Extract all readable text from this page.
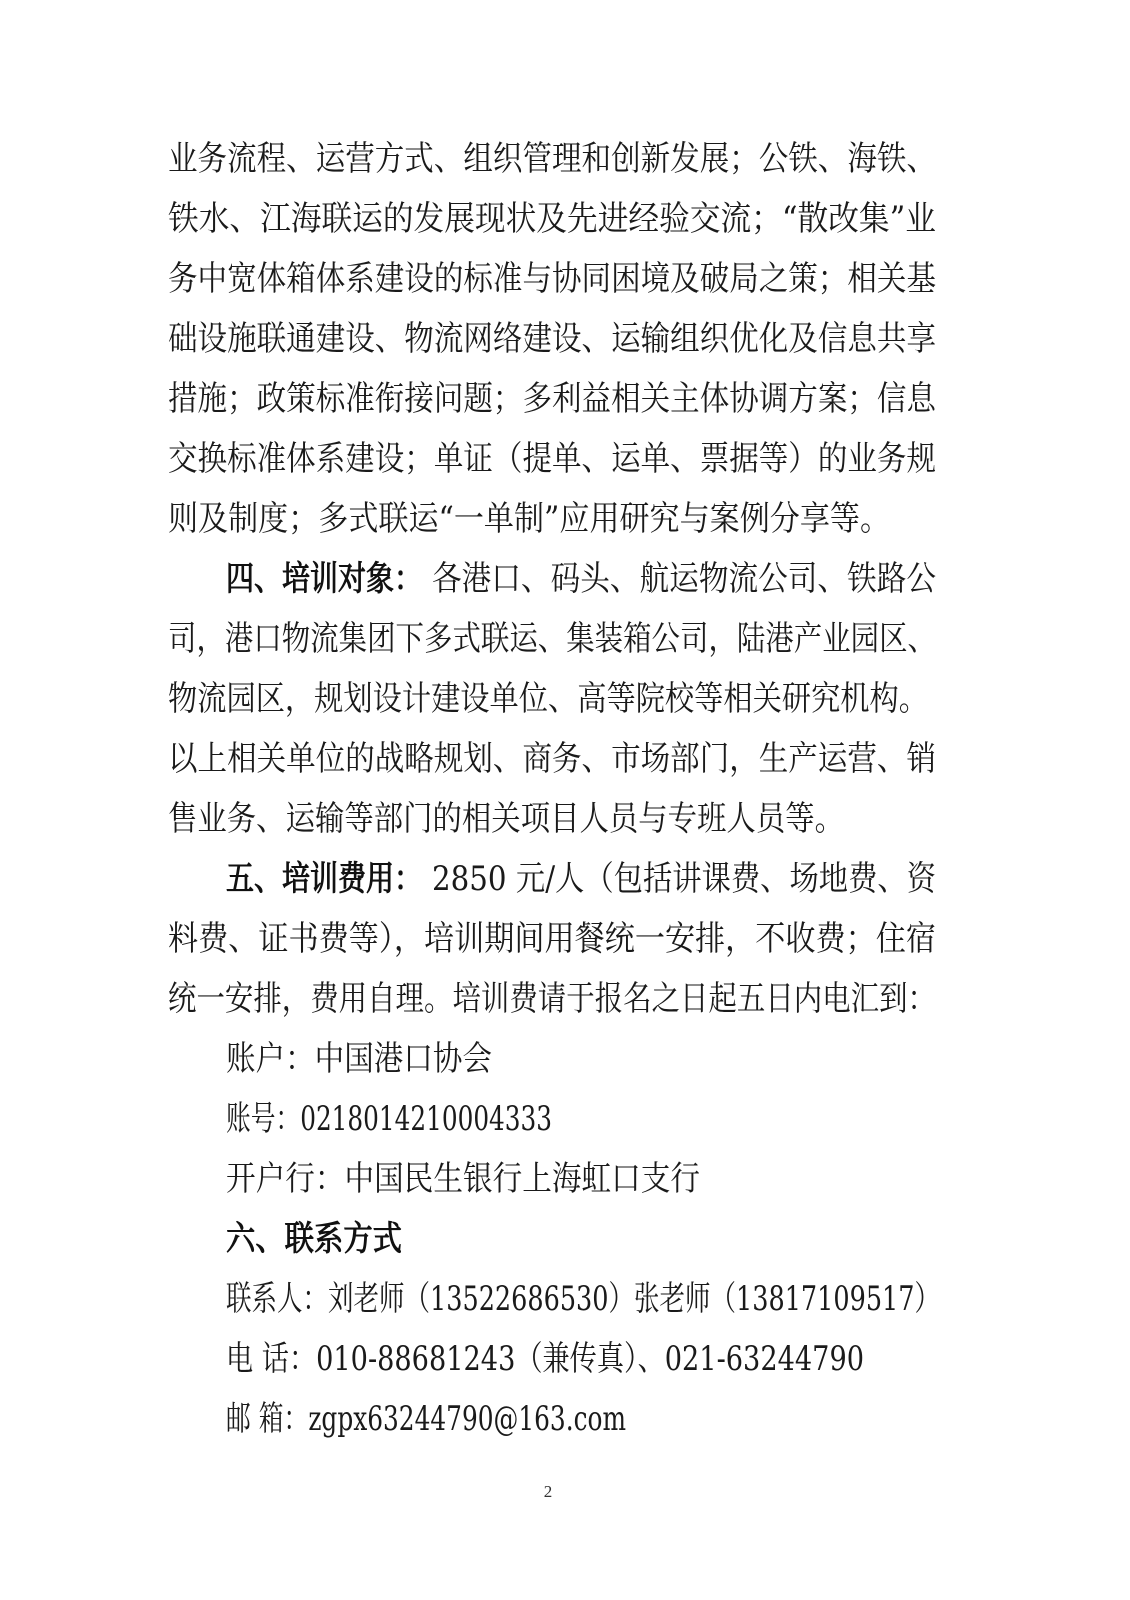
业务流程、运营方式、组织管理和创新发展；公铁、海铁、
铁水、江海联运的发展现状及先进经验交流；“散改集”业
务中宽体箱体系建设的标准与协同困境及破局之策；相关基
础设施联通建设、物流网络建设、运输组织优化及信息共享
措施；政策标准衔接问题；多利益相关主体协调方案；信息
交换标准体系建设；单证（提单、运单、票据等）的业务规
则及制度；多式联运“一单制”应用研究与案例分享等。
四、培训对象： 各港口、码头、航运物流公司、铁路公
司，港口物流集团下多式联运、集装箱公司，陆港产业园区、
物流园区，规划设计建设单位、高等院校等相关研究机构。
以上相关单位的战略规划、商务、市场部门，生产运营、销
售业务、运输等部门的相关项目人员与专班人员等。
五、培训费用： 2850 元/人（包括讲课费、场地费、资
料费、证书费等），培训期间用餐统一安排，不收费；住宿
统一安排，费用自理。培训费请于报名之日起五日内电汇到：
账户：中国港口协会
账号：0218014210004333
开户行：中国民生银行上海虹口支行
六、联系方式
联系人：刘老师（13522686530）张老师（13817109517）
电 话：010-88681243（兼传真）、021-63244790
邮 箱：zgpx63244790@163.com
2
